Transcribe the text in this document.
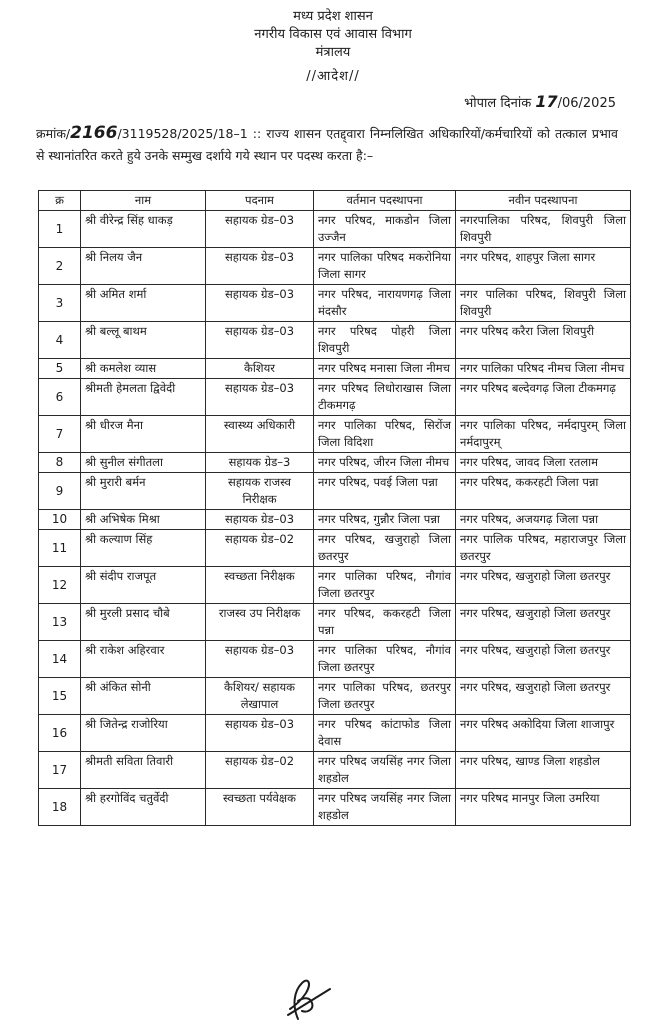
मध्य प्रदेश शासन
नगरीय विकास एवं आवास विभाग
मंत्रालय
//आदेश//
भोपाल दिनांक 17/06/2025
क्रमांक/2166/3119528/2025/18–1 :: राज्य शासन एतद्द्वारा निम्नलिखित अधिकारियों/कर्मचारियों को तत्काल प्रभाव से स्थानांतरित करते हुये उनके सम्मुख दर्शाये गये स्थान पर पदस्थ करता है:–
क्र	नाम	पदनाम	वर्तमान पदस्थापना	नवीन पदस्थापना
1	श्री वीरेन्द्र सिंह धाकड़	सहायक ग्रेड–03	नगर परिषद, माकडोन जिला उज्जैन	नगरपालिका परिषद, शिवपुरी जिला शिवपुरी
2	श्री निलय जैन	सहायक ग्रेड–03	नगर पालिका परिषद मकरोनिया जिला सागर	नगर परिषद, शाहपुर जिला सागर
3	श्री अमित शर्मा	सहायक ग्रेड–03	नगर परिषद, नारायणगढ़ जिला मंदसौर	नगर पालिका परिषद, शिवपुरी जिला शिवपुरी
4	श्री बल्लू बाथम	सहायक ग्रेड–03	नगर परिषद पोहरी जिला शिवपुरी	नगर परिषद करैरा जिला शिवपुरी
5	श्री कमलेश व्यास	कैशियर	नगर परिषद मनासा जिला नीमच	नगर पालिका परिषद नीमच जिला नीमच
6	श्रीमती हेमलता द्विवेदी	सहायक ग्रेड–03	नगर परिषद लिधोराखास जिला टीकमगढ़	नगर परिषद बल्देवगढ़ जिला टीकमगढ़
7	श्री धीरज मैना	स्वास्थ्य अधिकारी	नगर पालिका परिषद, सिरोंज जिला विदिशा	नगर पालिका परिषद, नर्मदापुरम् जिला नर्मदापुरम्
8	श्री सुनील संगीतला	सहायक ग्रेड–3	नगर परिषद, जीरन जिला नीमच	नगर परिषद, जावद जिला रतलाम
9	श्री मुरारी बर्मन	सहायक राजस्व निरीक्षक	नगर परिषद, पवई जिला पन्ना	नगर परिषद, ककरहटी जिला पन्ना
10	श्री अभिषेक मिश्रा	सहायक ग्रेड–03	नगर परिषद, गुन्नौर जिला पन्ना	नगर परिषद, अजयगढ़ जिला पन्ना
11	श्री कल्याण सिंह	सहायक ग्रेड–02	नगर परिषद, खजुराहो जिला छतरपुर	नगर पालिक परिषद, महाराजपुर जिला छतरपुर
12	श्री संदीप राजपूत	स्वच्छता निरीक्षक	नगर पालिका परिषद, नौगांव जिला छतरपुर	नगर परिषद, खजुराहो जिला छतरपुर
13	श्री मुरली प्रसाद चौबे	राजस्व उप निरीक्षक	नगर परिषद, ककरहटी जिला पन्ना	नगर परिषद, खजुराहो जिला छतरपुर
14	श्री राकेश अहिरवार	सहायक ग्रेड–03	नगर पालिका परिषद, नौगांव जिला छतरपुर	नगर परिषद, खजुराहो जिला छतरपुर
15	श्री अंकित सोनी	कैशियर/ सहायक लेखापाल	नगर पालिका परिषद, छतरपुर जिला छतरपुर	नगर परिषद, खजुराहो जिला छतरपुर
16	श्री जितेन्द्र राजोरिया	सहायक ग्रेड–03	नगर परिषद कांटाफोड जिला देवास	नगर परिषद अकोदिया जिला शाजापुर
17	श्रीमती सविता तिवारी	सहायक ग्रेड–02	नगर परिषद जयसिंह नगर जिला शहडोल	नगर परिषद, खाण्ड जिला शहडोल
18	श्री हरगोविंद चतुर्वेदी	स्वच्छता पर्यवेक्षक	नगर परिषद जयसिंह नगर जिला शहडोल	नगर परिषद मानपुर जिला उमरिया
